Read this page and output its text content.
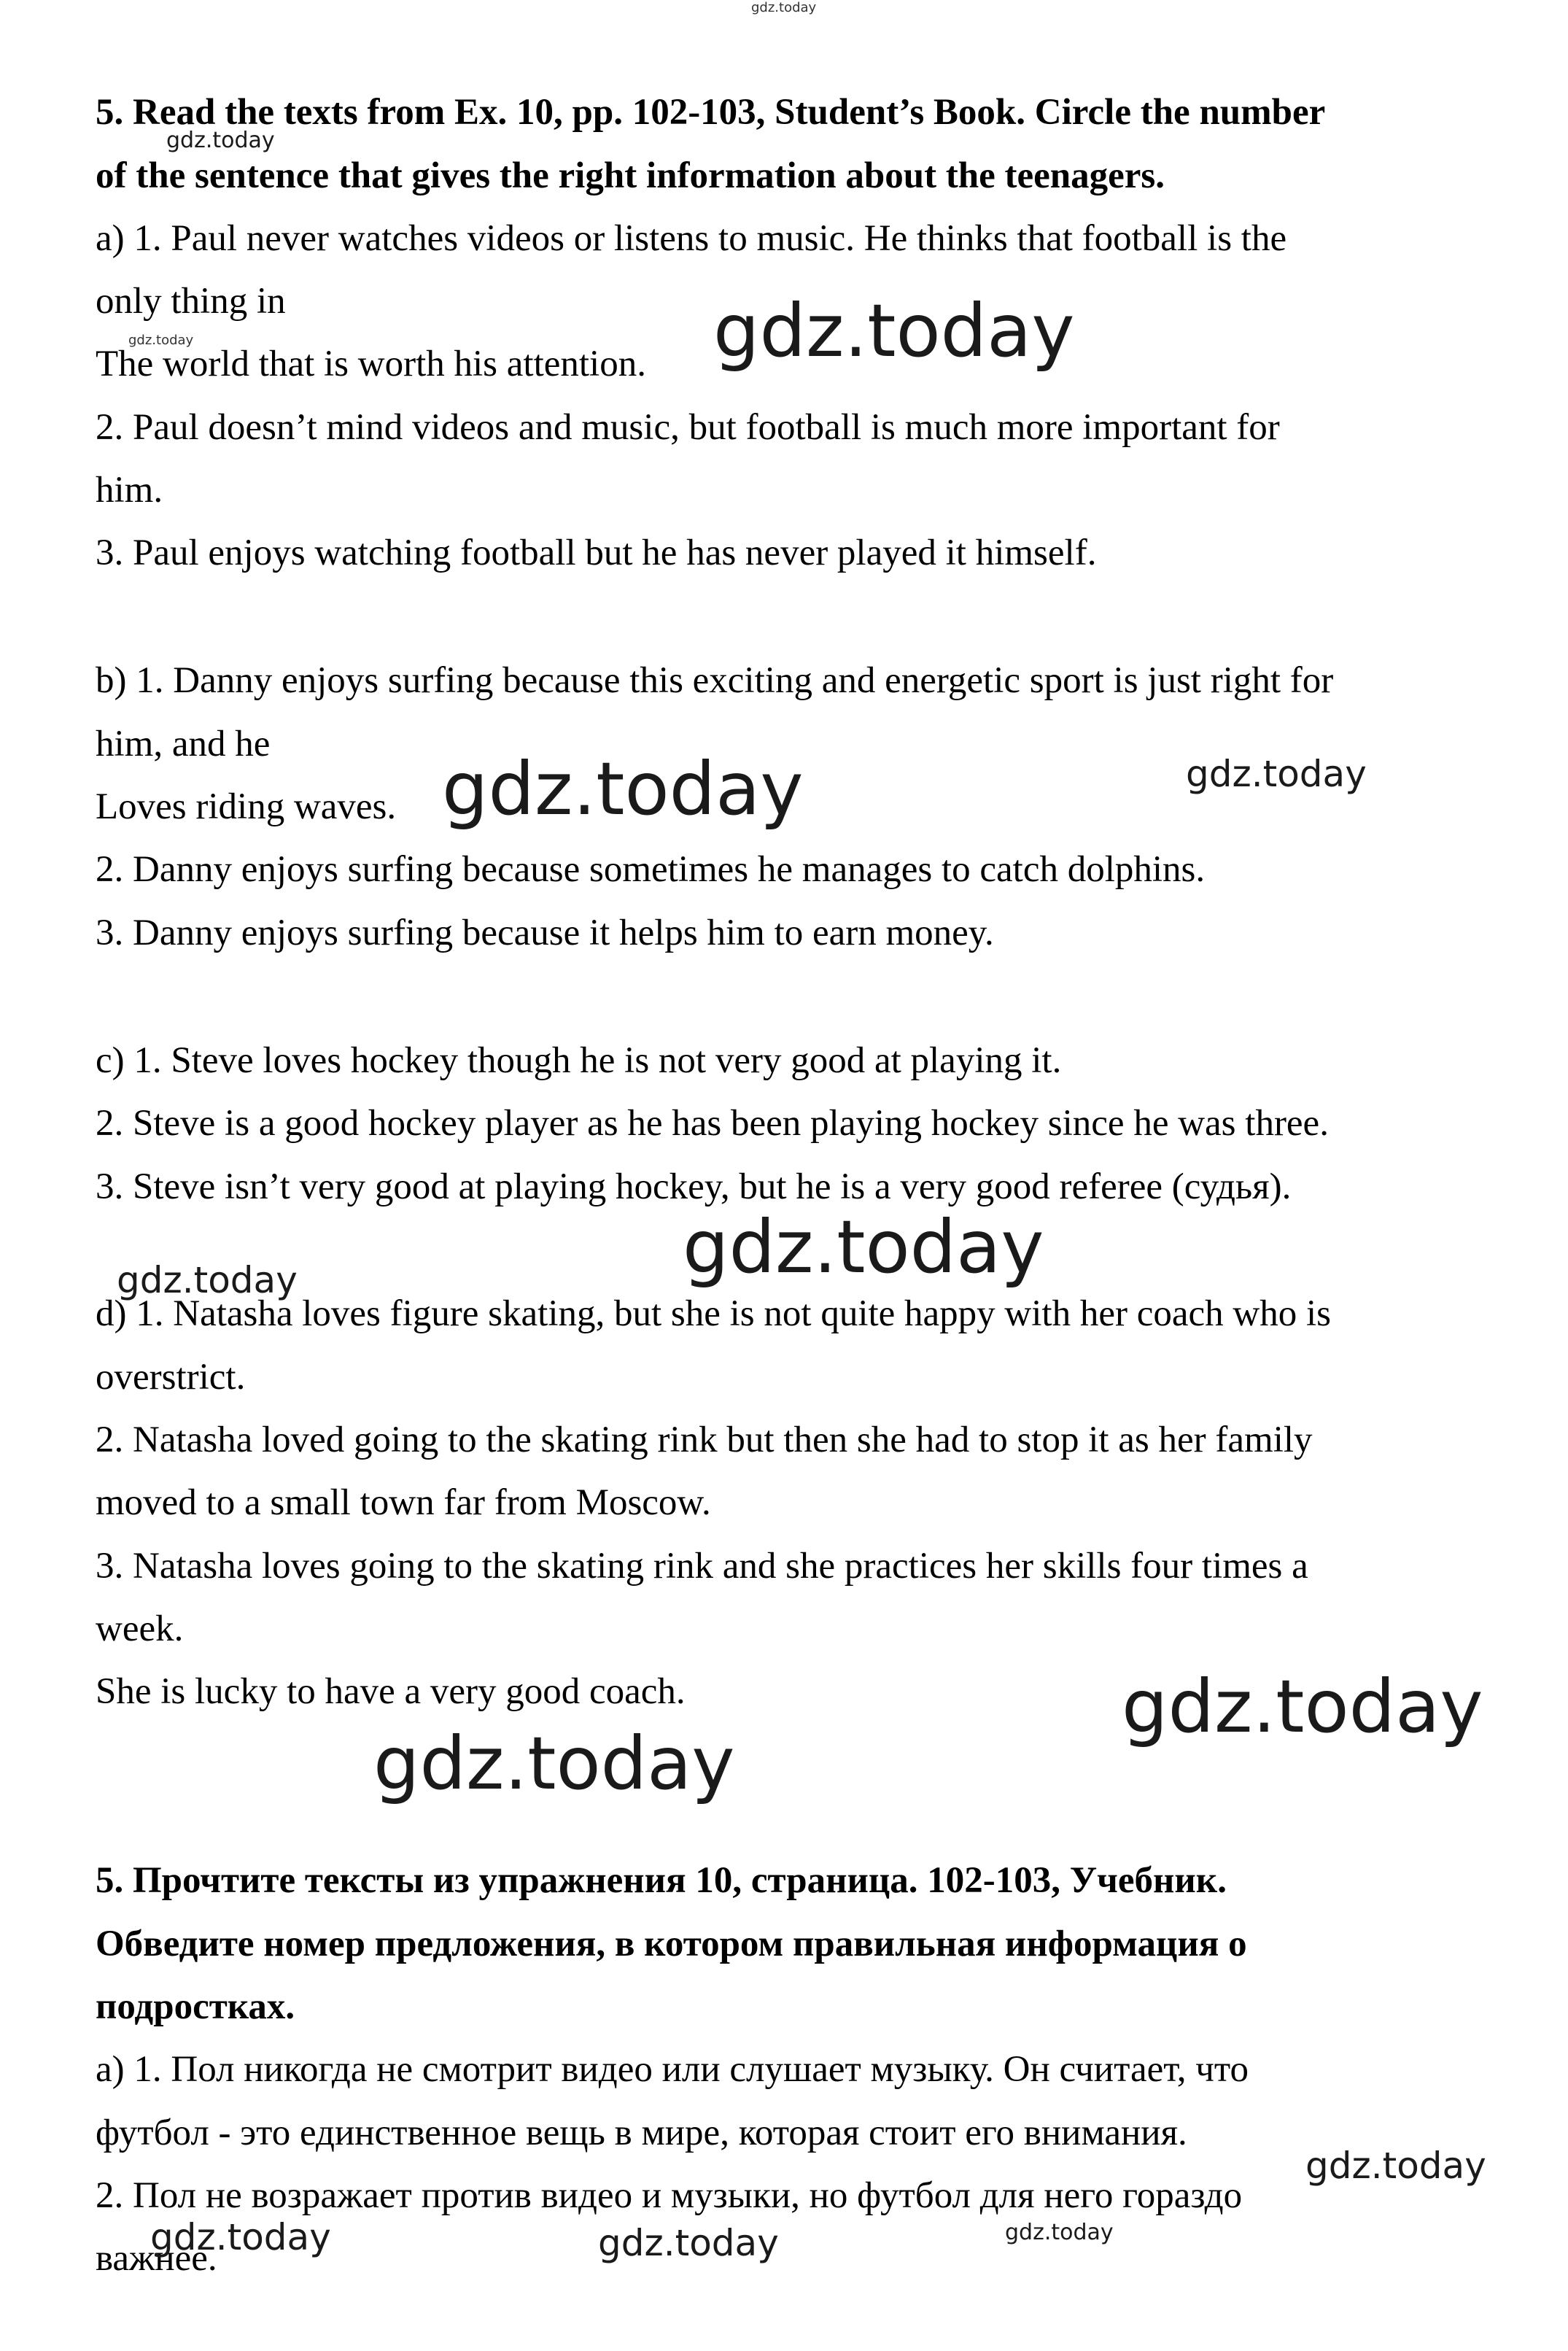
5. Read the texts from Ex. 10, pp. 102-103, Student’s Book. Circle the number
of the sentence that gives the right information about the teenagers.
a) 1. Paul never watches videos or listens to music. He thinks that football is the
only thing in
The world that is worth his attention.
2. Paul doesn’t mind videos and music, but football is much more important for
him.
3. Paul enjoys watching football but he has never played it himself.
b) 1. Danny enjoys surfing because this exciting and energetic sport is just right for
him, and he
Loves riding waves.
2. Danny enjoys surfing because sometimes he manages to catch dolphins.
3. Danny enjoys surfing because it helps him to earn money.
c) 1. Steve loves hockey though he is not very good at playing it.
2. Steve is a good hockey player as he has been playing hockey since he was three.
3. Steve isn’t very good at playing hockey, but he is a very good referee (судья).
d) 1. Natasha loves figure skating, but she is not quite happy with her coach who is
overstrict.
2. Natasha loved going to the skating rink but then she had to stop it as her family
moved to a small town far from Moscow.
3. Natasha loves going to the skating rink and she practices her skills four times a
week.
She is lucky to have a very good coach.
5. Прочтите тексты из упражнения 10, страница. 102-103, Учебник.
Обведите номер предложения, в котором правильная информация о
подростках.
а) 1. Пол никогда не смотрит видео или слушает музыку. Он считает, что
футбол - это единственное вещь в мире, которая стоит его внимания.
2. Пол не возражает против видео и музыки, но футбол для него гораздо
важнее.
gdz.today
gdz.today
gdz.today	gdz.today
gdz.today	gdz.today
gdz.today
gdz.today
gdz.today
gdz.today
gdz.today
gdz.today	gdz.today	gdz.today
